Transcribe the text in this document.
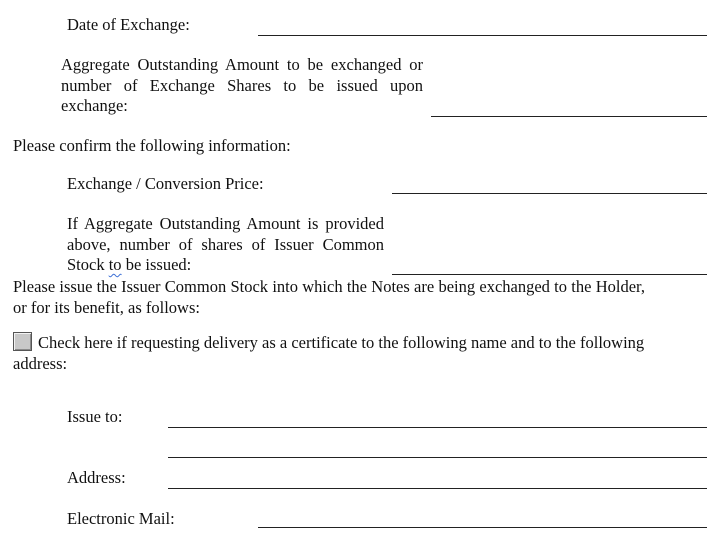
Date of Exchange:
Aggregate Outstanding Amount to be exchanged or number of Exchange Shares to be issued upon exchange:
Please confirm the following information:
Exchange / Conversion Price:
If Aggregate Outstanding Amount is provided above, number of shares of Issuer Common Stock to be issued:
Please issue the Issuer Common Stock into which the Notes are being exchanged to the Holder, or for its benefit, as follows:
Check here if requesting delivery as a certificate to the following name and to the following
address:
Issue to:
Address:
Electronic Mail:
